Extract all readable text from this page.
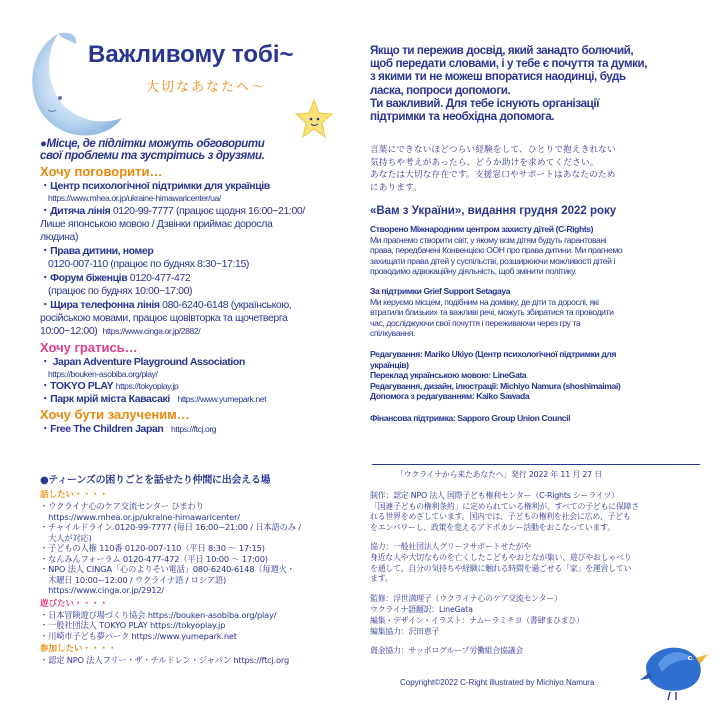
Важливому тобі~
大切なあなたへ～
●Місце, де підлітки можуть обговорити
свої проблеми та зустрітись з друзями.
Хочу поговорити…
・Центр психологічної підтримки для українців
https://www.mhea.or.jp/ukraine-himawaricenter/ua/
・Дитяча лінія 0120-99-7777 (працює щодня 16:00~21:00/
Лише японською мовою / Дзвінки приймає доросла
людина)
・Права дитини, номер
0120-007-110 (працює по буднях 8:30~17:15)
・Форум біженців 0120-477-472
(працює по буднях 10:00~17:00)
・Щира телефонна лінія 080-6240-6148 (українською,
російською мовами, працює щовівторка та щочетверга
10:00~12:00) https://www.cinga.or.jp/2882/
Хочу гратись…
・ Japan Adventure Playground Association
https://bouken-asobiba.org/play/
・TOKYO PLAY https://tokyoplay.jp
・Парк мрій міста Кавасакі https://www.yumepark.net
Хочу бути залученим…
・Free The Children Japan https://ftcj.org
●ティーンズの困りごとを話せたり仲間に出会える場
話したい・・・・
・ウクライナ心のケア交流センター ひまわり
　https://www.mhea.or.jp/ukraine-himawaricenter/
・チャイルドライン 0120-99-7777 (毎日 16:00~21:00 / 日本語のみ /
　大人が対応)
・子どもの人権 110番 0120-007-110（平日 8:30 ～ 17:15)
・なんみんフォーラム 0120-477-472（平日 10:00 ～ 17:00)
・NPO 法人 CINGA「心のよりそい電話」080-6240-6148（毎週火・
　木曜日 10:00~12:00 / ウクライナ語 / ロシア語)
　https://www.cinga.or.jp/2912/
遊びたい・・・・
・日本冒険遊び場づくり協会 https://bouken-asobiba.org/play/
・一般社団法人 TOKYO PLAY https://tokyoplay.jp
・川崎市子ども夢パーク https://www.yumepark.net
参加したい・・・・
・認定 NPO 法人フリー・ザ・チルドレン・ジャパン https://ftcj.org
Якщо ти пережив досвід, який занадто болючий,
щоб передати словами, і у тебе є почуття та думки,
з якими ти не можеш впоратися наодинці, будь
ласка, попроси допомоги.
Ти важливий. Для тебе існують організації
підтримки та необхідна допомога.
言葉にできないほどつらい経験をして、ひとりで抱えきれない
気持ちや考えがあったら、どうか助けを求めてください。
あなたは大切な存在です。支援窓口やサポートはあなたのため
にあります。
«Вам з України», видання грудня 2022 року
Створено Міжнародним центром захисту дітей (C-Rights)
Ми прагнемо створити світ, у якому всім дітям будуть гарантовані
права, передбачені Конвенцією ООН про права дитини. Ми прагнемо
захищати права дітей у суспільстві, розширюючи можливості дітей і
проводимо адвокаційну діяльність, щоб змінити політику.
За підтримки Grief Support Setagaya
Ми керуємо місцем, подібним на домівку, де діти та дорослі, які
втратили близьких та важливі речі, можуть збиратися та проводити
час, досліджуючи свої почуття і переживаючи через гру та
спілкування.
Редагування: Mariko Ukiyo (Центр психологічної підтримки для
українців)
Переклад українською мовою: LineGata
Редагування, дизайн, ілюстрації: Michiyo Namura (shoshimaimai)
Допомога з редагуванням: Kaiko Sawada
Фінансова підтримка: Sapporo Group Union Council
「ウクライナから来たあなたへ」発行 2022 年 11 月 27 日
制作：認定 NPO 法人 国際子ども権利センター（C-Rights シーライツ）
「国連子どもの権利条約」に定められている権利が、すべての子どもに保障さ
れる世界をめざしています。国内では、子どもの権利を社会に広め、子ども
をエンパワーし、政策を変えるアドボカシー活動をおこなっています。
協力：一般社団法人グリーフサポートせたがや
身近な人や大切なものを亡くしたこどもやおとなが集い、遊びやおしゃべり
を通して、自分の気持ちや経験に触れる時間を過ごせる「家」を運営してい
ます。
監修：浮世満理子（ウクライナ心のケア交流センター）
ウクライナ語翻訳：LineGata
編集・デザイン・イラスト：ナムーラミチヨ（書肆まひまひ）
編集協力：沢田恵子
資金協力：サッポログループ労働組合協議会
Copyright©2022 C-Right illustrated by Michiyo Namura
